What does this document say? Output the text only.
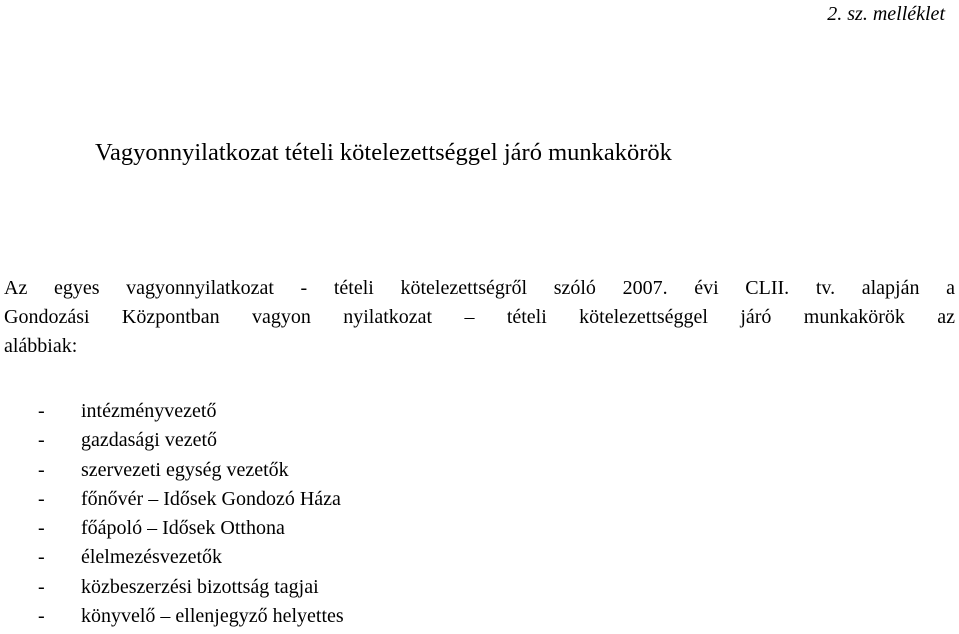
2. sz. melléklet
Vagyonnyilatkozat tételi kötelezettséggel járó munkakörök
Az egyes vagyonnyilatkozat - tételi kötelezettségről szóló 2007. évi CLII. tv. alapján a
Gondozási Központban vagyon nyilatkozat – tételi kötelezettséggel járó munkakörök az
alábbiak:
- intézményvezető
- gazdasági vezető
- szervezeti egység vezetők
- főnővér – Idősek Gondozó Háza
- főápoló – Idősek Otthona
- élelmezésvezetők
- közbeszerzési bizottság tagjai
- könyvelő – ellenjegyző helyettes
